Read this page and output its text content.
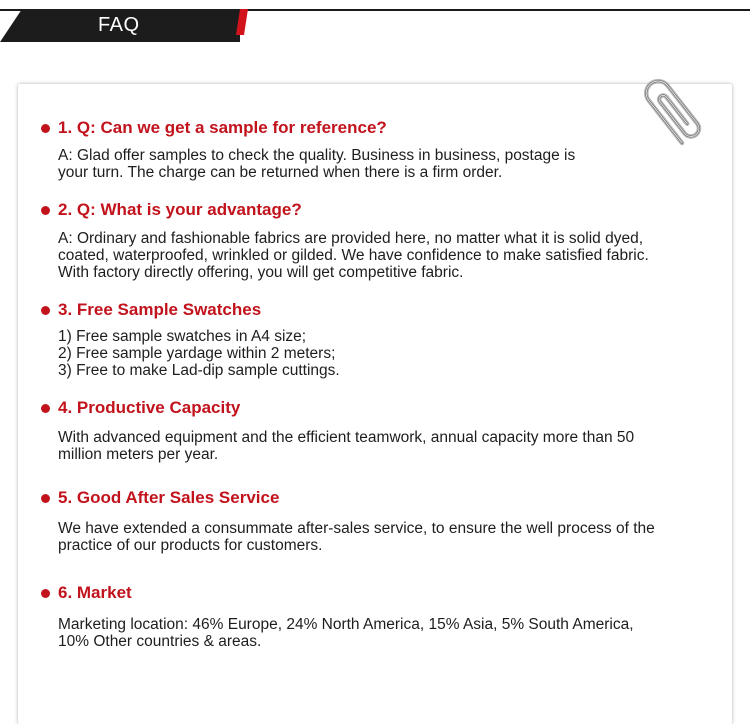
FAQ
1. Q: Can we get a sample for reference?
A: Glad offer samples to check the quality. Business in business, postage is
your turn. The charge can be returned when there is a firm order.
2. Q: What is your advantage?
A: Ordinary and fashionable fabrics are provided here, no matter what it is solid dyed,
coated, waterproofed, wrinkled or gilded. We have confidence to make satisfied fabric.
With factory directly offering, you will get competitive fabric.
3. Free Sample Swatches
1) Free sample swatches in A4 size;
2) Free sample yardage within 2 meters;
3) Free to make Lad-dip sample cuttings.
4. Productive Capacity
With advanced equipment and the efficient teamwork, annual capacity more than 50
million meters per year.
5. Good After Sales Service
We have extended a consummate after-sales service, to ensure the well process of the
practice of our products for customers.
6. Market
Marketing location: 46% Europe, 24% North America, 15% Asia, 5% South America,
10% Other countries & areas.
